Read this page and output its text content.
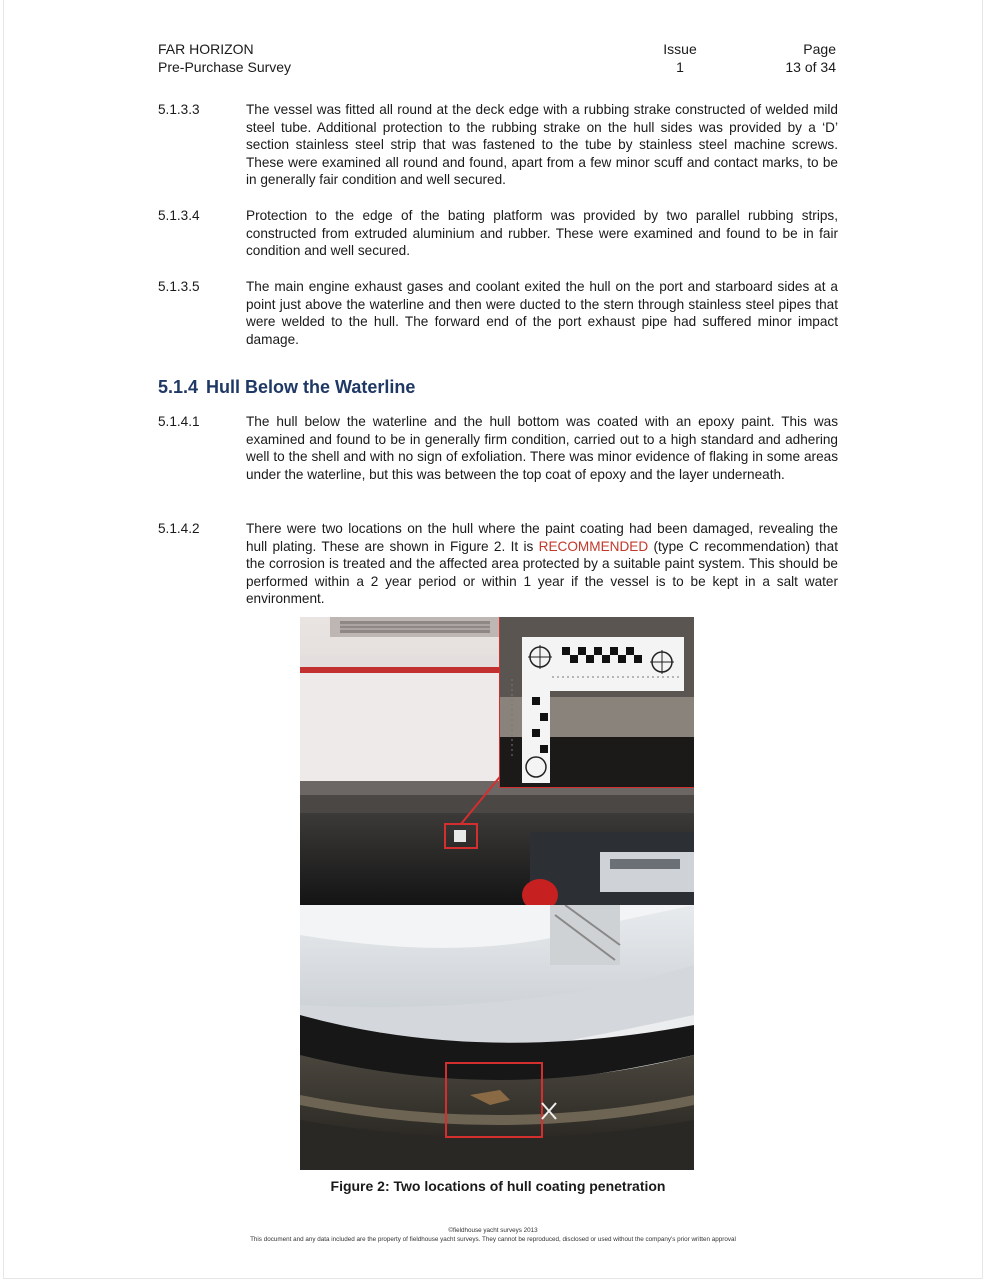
FAR HORIZON
Pre-Purchase Survey
Issue
1
Page
13 of 34
5.1.3.3	The vessel was fitted all round at the deck edge with a rubbing strake constructed of welded mild steel tube. Additional protection to the rubbing strake on the hull sides was provided by a ‘D’ section stainless steel strip that was fastened to the tube by stainless steel machine screws. These were examined all round and found, apart from a few minor scuff and contact marks, to be in generally fair condition and well secured.
5.1.3.4	Protection to the edge of the bating platform was provided by two parallel rubbing strips, constructed from extruded aluminium and rubber. These were examined and found to be in fair condition and well secured.
5.1.3.5	The main engine exhaust gases and coolant exited the hull on the port and starboard sides at a point just above the waterline and then were ducted to the stern through stainless steel pipes that were welded to the hull. The forward end of the port exhaust pipe had suffered minor impact damage.
5.1.4 Hull Below the Waterline
5.1.4.1	The hull below the waterline and the hull bottom was coated with an epoxy paint. This was examined and found to be in generally firm condition, carried out to a high standard and adhering well to the shell and with no sign of exfoliation. There was minor evidence of flaking in some areas under the waterline, but this was between the top coat of epoxy and the layer underneath.
5.1.4.2	There were two locations on the hull where the paint coating had been damaged, revealing the hull plating. These are shown in Figure 2. It is RECOMMENDED (type C recommendation) that the corrosion is treated and the affected area protected by a suitable paint system. This should be performed within a 2 year period or within 1 year if the vessel is to be kept in a salt water environment.
Figure 2: Two locations of hull coating penetration
©fieldhouse yacht surveys 2013
This document and any data included are the property of fieldhouse yacht surveys. They cannot be reproduced, disclosed or used without the company's prior written approval
